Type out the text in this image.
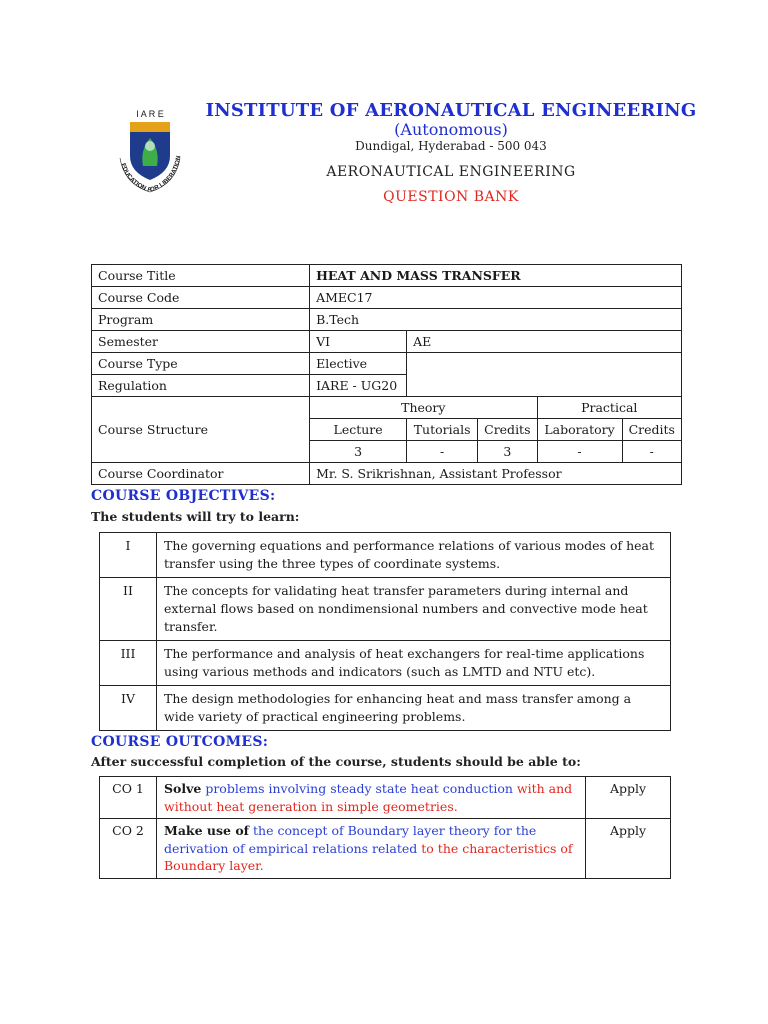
I A R E
EDUCATION FOR LIBERATION
INSTITUTE OF AERONAUTICAL ENGINEERING
(Autonomous)
Dundigal, Hyderabad - 500 043
AERONAUTICAL ENGINEERING
QUESTION BANK
Course Title	HEAT AND MASS TRANSFER				
Course Code	AMEC17				
Program	B.Tech				
Semester	VI	AE			
Course Type	Elective				
Regulation	IARE - UG20				
Course Structure	Theory			Practical	
	Lecture	Tutorials	Credits	Laboratory	Credits
	3	-	3	-	-
Course Coordinator	Mr. S. Srikrishnan, Assistant Professor				
COURSE OBJECTIVES:
The students will try to learn:
I	The governing equations and performance relations of various modes of heat transfer using the three types of coordinate systems.
II	The concepts for validating heat transfer parameters during internal and external flows based on nondimensional numbers and convective mode heat transfer.
III	The performance and analysis of heat exchangers for real-time applications using various methods and indicators (such as LMTD and NTU etc).
IV	The design methodologies for enhancing heat and mass transfer among a wide variety of practical engineering problems.
COURSE OUTCOMES:
After successful completion of the course, students should be able to:
CO 1	Solve problems involving steady state heat conduction with and without heat generation in simple geometries.	Apply
CO 2	Make use of the concept of Boundary layer theory for the derivation of empirical relations related to the characteristics of Boundary layer.	Apply
